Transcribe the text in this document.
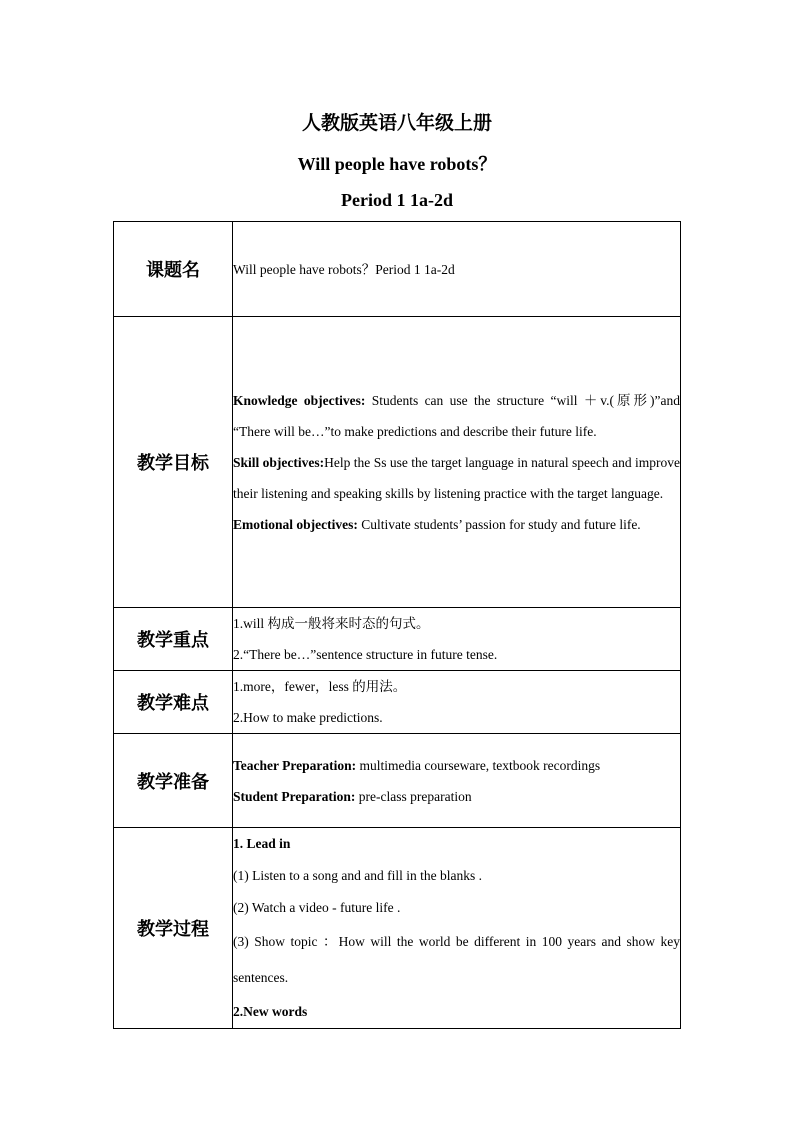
人教版英语八年级上册
Will people have robots？
Period 1 1a-2d
课题名	Will people have robots？Period 1 1a-2d
教学目标	Knowledge objectives: Students can use the structure “will ＋v.(原形)”and “There will be…”to make predictions and describe their future life.
Skill objectives:Help the Ss use the target language in natural speech and improve their listening and speaking skills by listening practice with the target language.
Emotional objectives: Cultivate students’ passion for study and future life.

教学重点	1.will 构成一般将来时态的句式。
2.“There be…”sentence structure in future tense.

教学难点	1.more，fewer，less 的用法。
2.How to make predictions.

教学准备	Teacher Preparation: multimedia courseware, textbook recordings
Student Preparation: pre-class preparation

教学过程	1. Lead in
(1) Listen to a song and and fill in the blanks .
(2) Watch a video - future life .
(3) Show topic ：How will the world be different in 100 years and show key sentences.
2.New words
